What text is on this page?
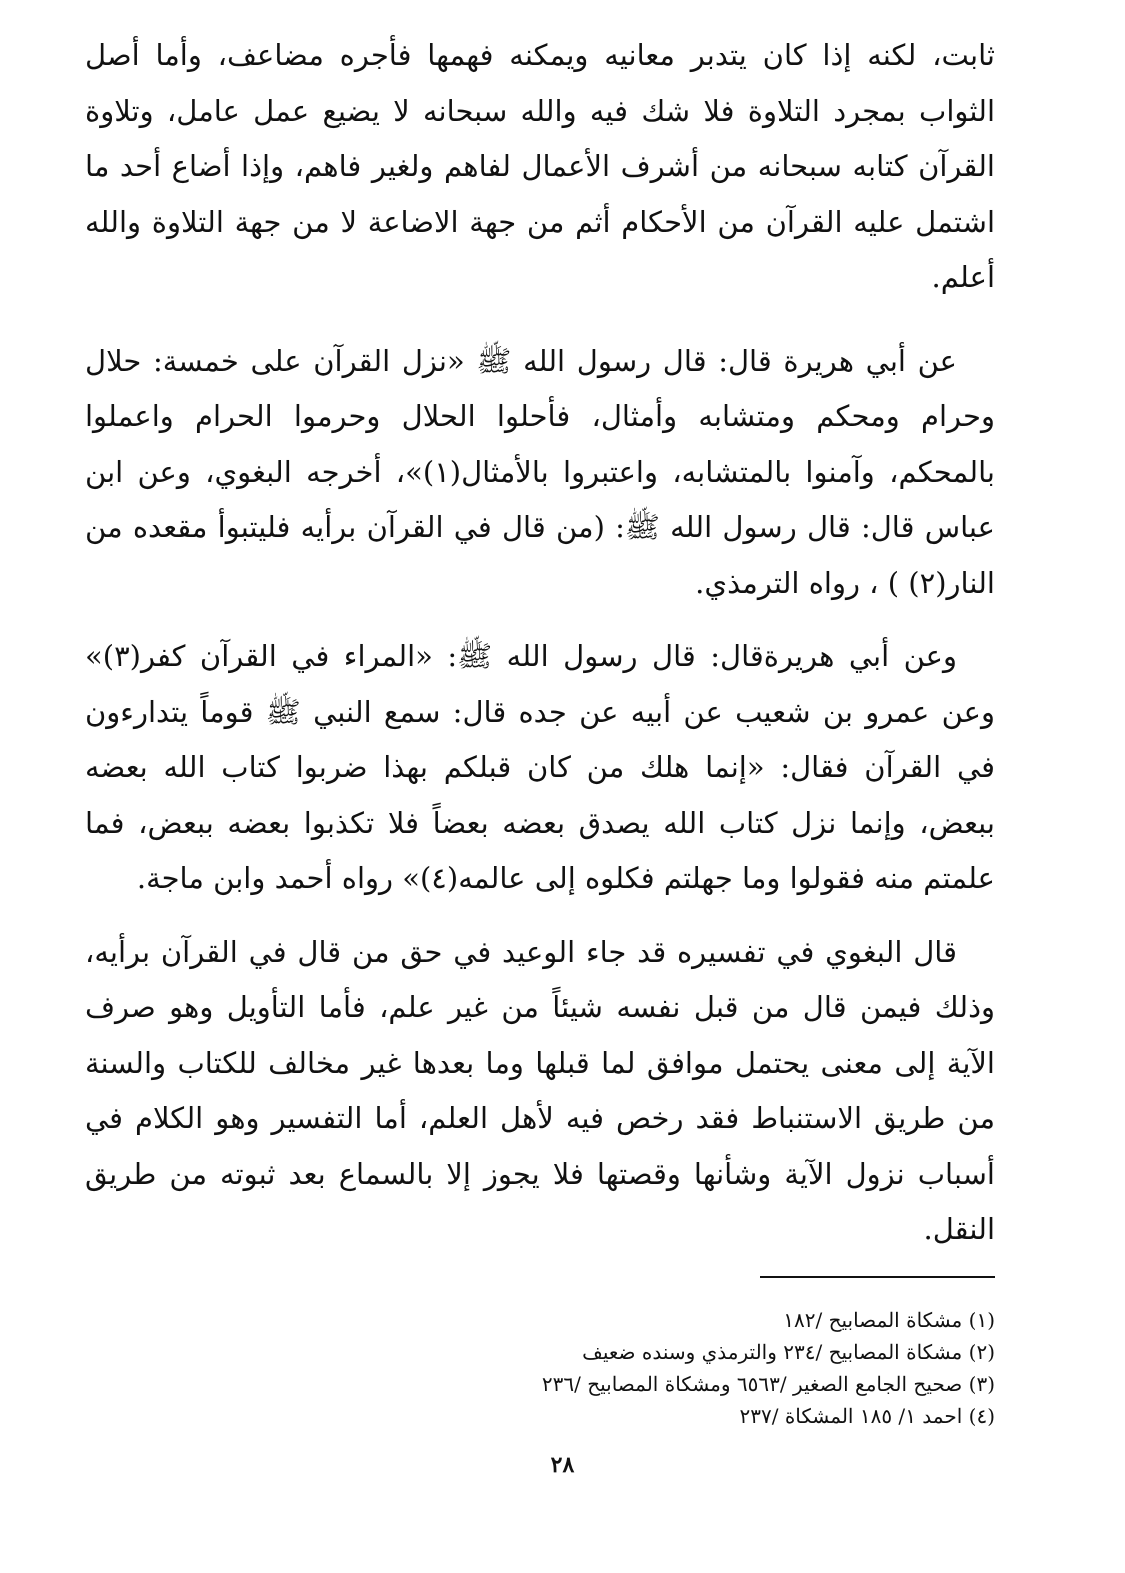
ثابت، لكنه إذا كان يتدبر معانيه ويمكنه فهمها فأجره مضاعف، وأما أصل الثواب بمجرد التلاوة فلا شك فيه والله سبحانه لا يضيع عمل عامل، وتلاوة القرآن كتابه سبحانه من أشرف الأعمال لفاهم ولغير فاهم، وإذا أضاع أحد ما اشتمل عليه القرآن من الأحكام أثم من جهة الاضاعة لا من جهة التلاوة والله أعلم.

عن أبي هريرة قال: قال رسول الله ﷺ «نزل القرآن على خمسة: حلال وحرام ومحكم ومتشابه وأمثال، فأحلوا الحلال وحرموا الحرام واعملوا بالمحكم، وآمنوا بالمتشابه، واعتبروا بالأمثال(١)»، أخرجه البغوي، وعن ابن عباس قال: قال رسول الله ﷺ: (من قال في القرآن برأيه فليتبوأ مقعده من النار(٢) ) ، رواه الترمذي.

وعن أبي هريرةقال: قال رسول الله ﷺ: «المراء في القرآن كفر(٣)» وعن عمرو بن شعيب عن أبيه عن جده قال: سمع النبي ﷺ قوماً يتدارءون في القرآن فقال: «إنما هلك من كان قبلكم بهذا ضربوا كتاب الله بعضه ببعض، وإنما نزل كتاب الله يصدق بعضه بعضاً فلا تكذبوا بعضه ببعض، فما علمتم منه فقولوا وما جهلتم فكلوه إلى عالمه(٤)» رواه أحمد وابن ماجة.

قال البغوي في تفسيره قد جاء الوعيد في حق من قال في القرآن برأيه، وذلك فيمن قال من قبل نفسه شيئاً من غير علم، فأما التأويل وهو صرف الآية إلى معنى يحتمل موافق لما قبلها وما بعدها غير مخالف للكتاب والسنة من طريق الاستنباط فقد رخص فيه لأهل العلم، أما التفسير وهو الكلام في أسباب نزول الآية وشأنها وقصتها فلا يجوز إلا بالسماع بعد ثبوته من طريق النقل.

(١) مشكاة المصابيح /١٨٢

(٢) مشكاة المصابيح /٢٣٤ والترمذي وسنده ضعيف

(٣) صحيح الجامع الصغير /٦٥٦٣ ومشكاة المصابيح /٢٣٦

(٤) احمد ١/ ١٨٥ المشكاة /٢٣٧

٢٨
